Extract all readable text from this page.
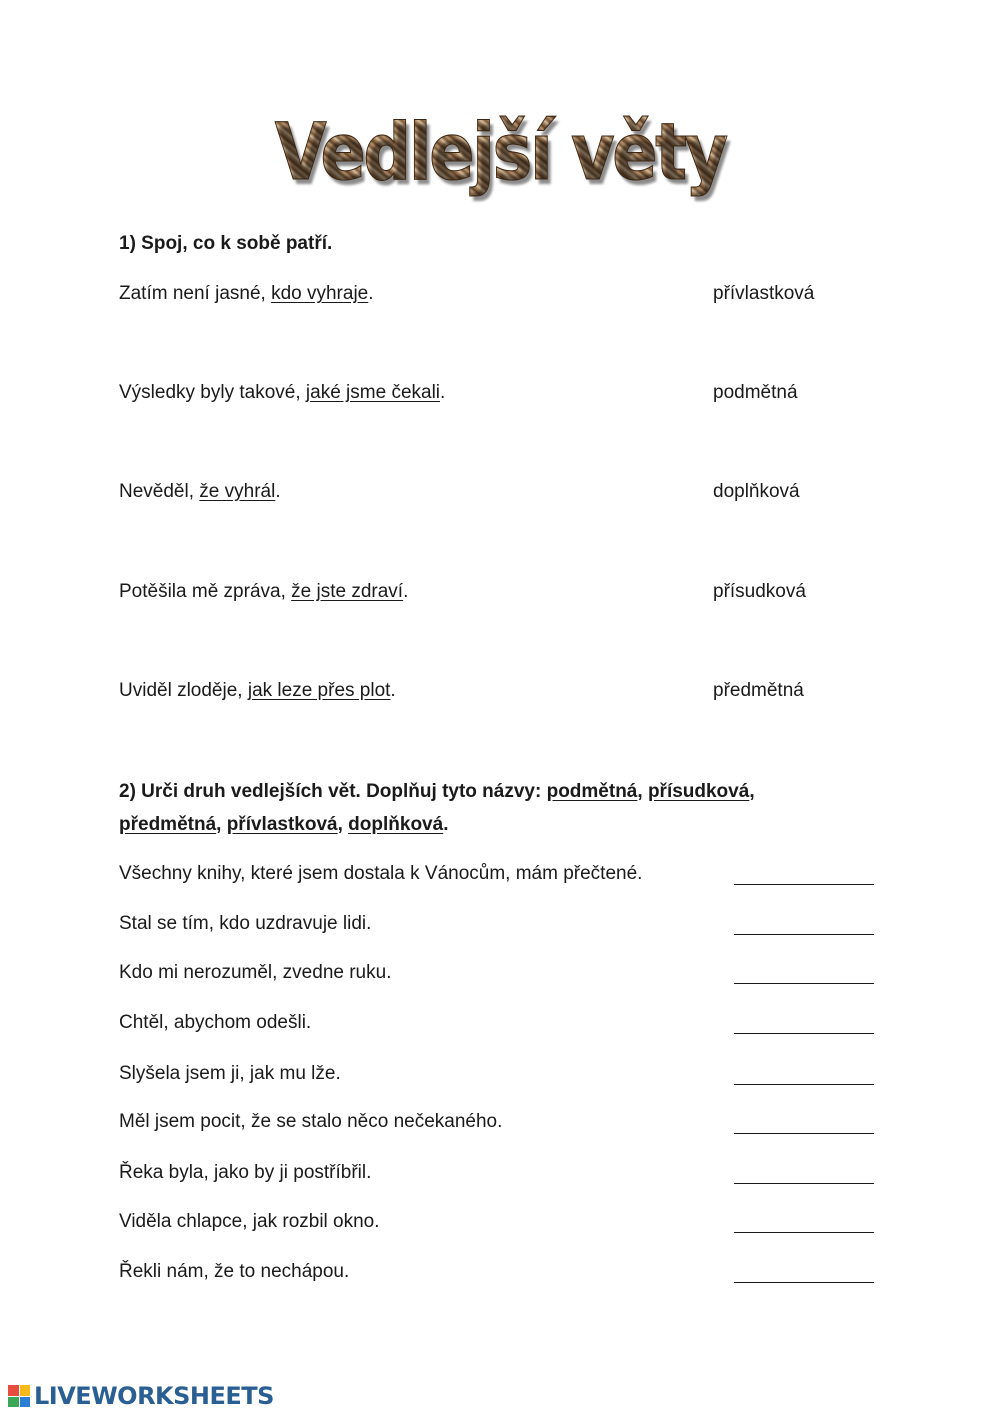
Vedlejší věty
1) Spoj, co k sobě patří.
Zatím není jasné, kdo vyhraje.	přívlastková
Výsledky byly takové, jaké jsme čekali.	podmětná
Nevěděl, že vyhrál.	doplňková
Potěšila mě zpráva, že jste zdraví.	přísudková
Uviděl zloděje, jak leze přes plot.	předmětná
2) Urči druh vedlejších vět. Doplňuj tyto názvy: podmětná, přísudková,
předmětná, přívlastková, doplňková.
Všechny knihy, které jsem dostala k Vánocům, mám přečtené.
Stal se tím, kdo uzdravuje lidi.
Kdo mi nerozuměl, zvedne ruku.
Chtěl, abychom odešli.
Slyšela jsem ji, jak mu lže.
Měl jsem pocit, že se stalo něco nečekaného.
Řeka byla, jako by ji postříbřil.
Viděla chlapce, jak rozbil okno.
Řekli nám, že to nechápou.
LIVEWORKSHEETS
